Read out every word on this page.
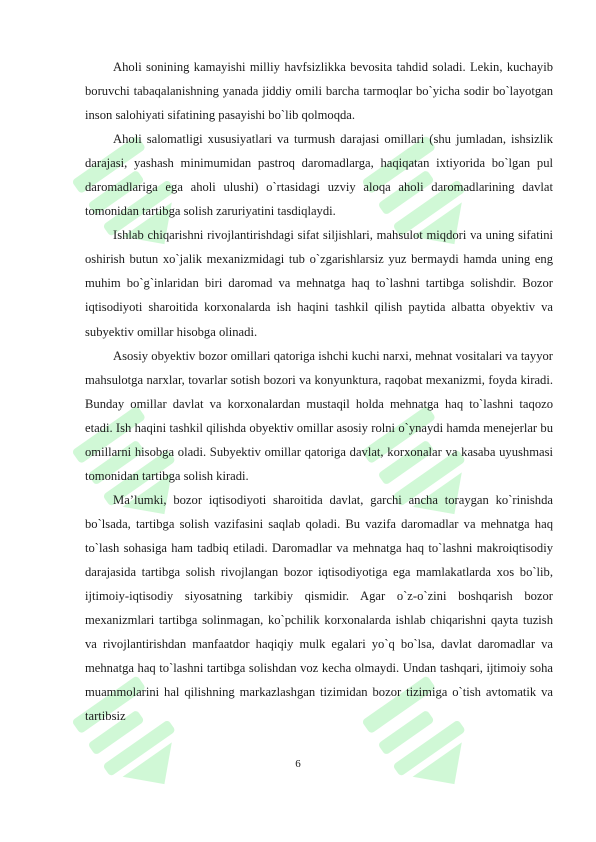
Aholi sonining kamayishi milliy havfsizlikka bevosita tahdid soladi. Lekin, kuchayib boruvchi tabaqalanishning yanada jiddiy omili barcha tarmoqlar bo`yicha sodir bo`layotgan inson salohiyati sifatining pasayishi bo`lib qolmoqda.

Aholi salomatligi xususiyatlari va turmush darajasi omillari (shu jumladan, ishsizlik darajasi, yashash minimumidan pastroq daromadlarga, haqiqatan ixtiyorida bo`lgan pul daromadlariga ega aholi ulushi) o`rtasidagi uzviy aloqa aholi daromadlarining davlat tomonidan tartibga solish zaruriyatini tasdiqlaydi.

Ishlab chiqarishni rivojlantirishdagi sifat siljishlari, mahsulot miqdori va uning sifatini oshirish butun xo`jalik mexanizmidagi tub o`zgarishlarsiz yuz bermaydi hamda uning eng muhim bo`g`inlaridan biri daromad va mehnatga haq to`lashni tartibga solishdir. Bozor iqtisodiyoti sharoitida korxonalarda ish haqini tashkil qilish paytida albatta obyektiv va subyektiv omillar hisobga olinadi.

Asosiy obyektiv bozor omillari qatoriga ishchi kuchi narxi, mehnat vositalari va tayyor mahsulotga narxlar, tovarlar sotish bozori va konyunktura, raqobat mexanizmi, foyda kiradi. Bunday omillar davlat va korxonalardan mustaqil holda mehnatga haq to`lashni taqozo etadi. Ish haqini tashkil qilishda obyektiv omillar asosiy rolni o`ynaydi hamda menejerlar bu omillarni hisobga oladi. Subyektiv omillar qatoriga davlat, korxonalar va kasaba uyushmasi tomonidan tartibga solish kiradi.

Ma’lumki, bozor iqtisodiyoti sharoitida davlat, garchi ancha toraygan ko`rinishda bo`lsada, tartibga solish vazifasini saqlab qoladi. Bu vazifa daromadlar va mehnatga haq to`lash sohasiga ham tadbiq etiladi. Daromadlar va mehnatga haq to`lashni makroiqtisodiy darajasida tartibga solish rivojlangan bozor iqtisodiyotiga ega mamlakatlarda xos bo`lib, ijtimoiy-iqtisodiy siyosatning tarkibiy qismidir. Agar o`z-o`zini boshqarish bozor mexanizmlari tartibga solinmagan, ko`pchilik korxonalarda ishlab chiqarishni qayta tuzish va rivojlantirishdan manfaatdor haqiqiy mulk egalari yo`q bo`lsa, davlat daromadlar va mehnatga haq to`lashni tartibga solishdan voz kecha olmaydi. Undan tashqari, ijtimoiy soha muammolarini hal qilishning markazlashgan tizimidan bozor tizimiga o`tish avtomatik va tartibsiz

6
